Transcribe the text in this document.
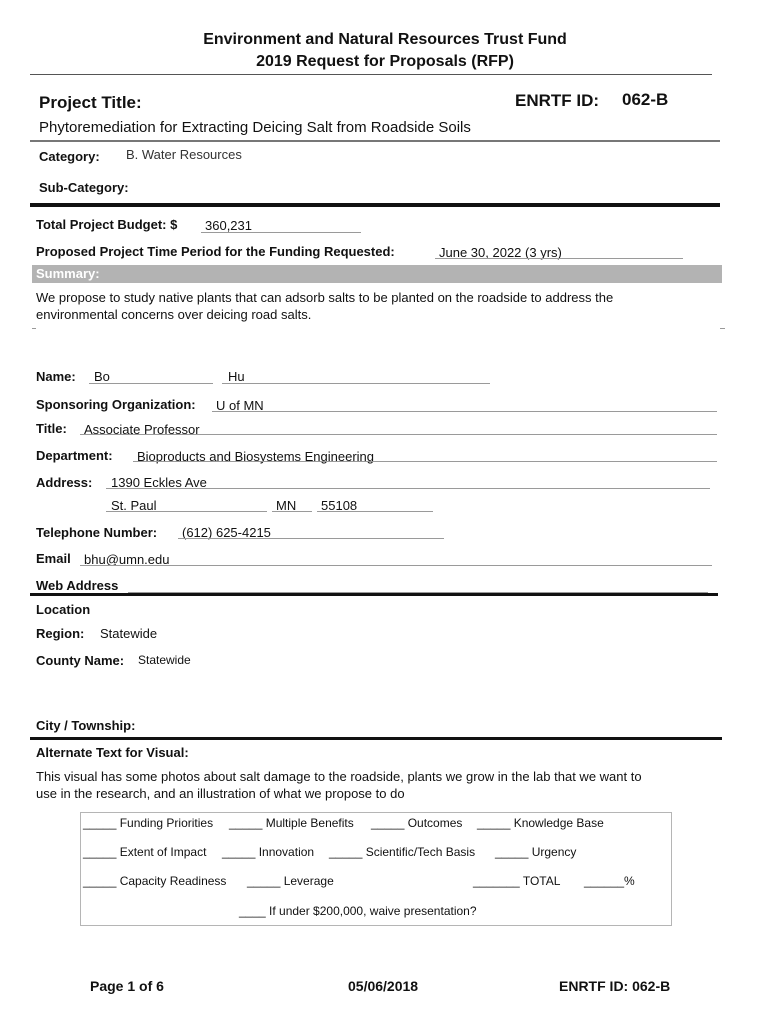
Environment and Natural Resources Trust Fund
2019 Request for Proposals (RFP)
Project Title:	ENRTF ID: 062-B
Phytoremediation for Extracting Deicing Salt from Roadside Soils
Category: B. Water Resources
Sub-Category:
Total Project Budget: $ 360,231
Proposed Project Time Period for the Funding Requested:	June 30, 2022 (3 yrs)
Summary:
We propose to study native plants that can adsorb salts to be planted on the roadside to address the
environmental concerns over deicing road salts.
Name: Bo	Hu
Sponsoring Organization: U of MN
Title: Associate Professor
Department: Bioproducts and Biosystems Engineering
Address: 1390 Eckles Ave
St. Paul	MN 55108
Telephone Number: (612) 625-4215
Email bhu@umn.edu
Web Address
Location
Region: Statewide
County Name: Statewide
City / Township:
Alternate Text for Visual:
This visual has some photos about salt damage to the roadside, plants we grow in the lab that we want to
use in the research, and an illustration of what we propose to do
_____ Funding Priorities _____ Multiple Benefits _____ Outcomes _____ Knowledge Base
_____ Extent of Impact _____ Innovation _____ Scientific/Tech Basis _____ Urgency
_____ Capacity Readiness _____ Leverage	_______ TOTAL ______%
____ If under $200,000, waive presentation?
Page 1 of 6	05/06/2018	ENRTF ID: 062-B
